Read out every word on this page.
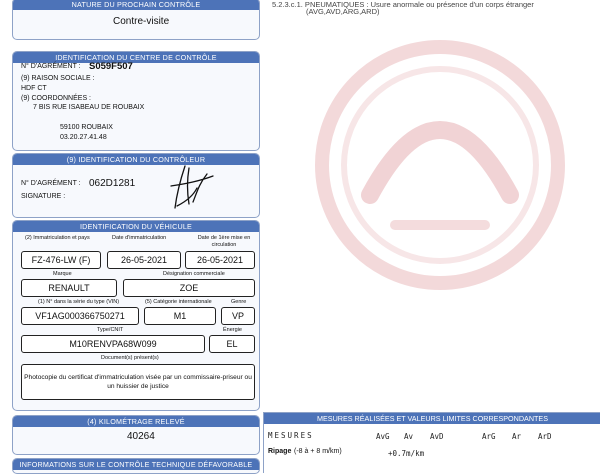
5.2.3.c.1. PNEUMATIQUES : Usure anormale ou présence d'un corps étranger
(AVG,AVD,ARG,ARD)
NATURE DU PROCHAIN CONTRÔLE
Contre-visite
IDENTIFICATION DU CENTRE DE CONTRÔLE
N° D'AGRÉMENT : S059F507
(9) RAISON SOCIALE :
HDF CT
(9) COORDONNÉES :
7 BIS RUE ISABEAU DE ROUBAIX
59100 ROUBAIX
03.20.27.41.48
(9) IDENTIFICATION DU CONTRÔLEUR
N° D'AGRÉMENT : 062D1281
SIGNATURE :
IDENTIFICATION DU VÉHICULE
(2) Immatriculation et pays	Date d'immatriculation	Date de 1ère mise en circulation
FZ-476-LW (F)	26-05-2021	26-05-2021
Marque	Désignation commerciale
RENAULT	ZOE
(1) N° dans la série du type (VIN)	(5) Catégorie internationale	Genre
VF1AG000366750271	M1	VP
Type/CNIT	Énergie
M10RENVPA68W099	EL
Document(s) présent(s)
Photocopie du certificat d'immatriculation visée par un commissaire-priseur ou
un huissier de justice
(4) KILOMÉTRAGE RELEVÉ
40264
INFORMATIONS SUR LE CONTRÔLE TECHNIQUE DÉFAVORABLE
MESURES RÉALISÉES ET VALEURS LIMITES CORRESPONDANTES
MESURES	AvG Av AvD	ArG Ar ArD
Ripage (-8 à + 8 m/km)	+0.7m/km
